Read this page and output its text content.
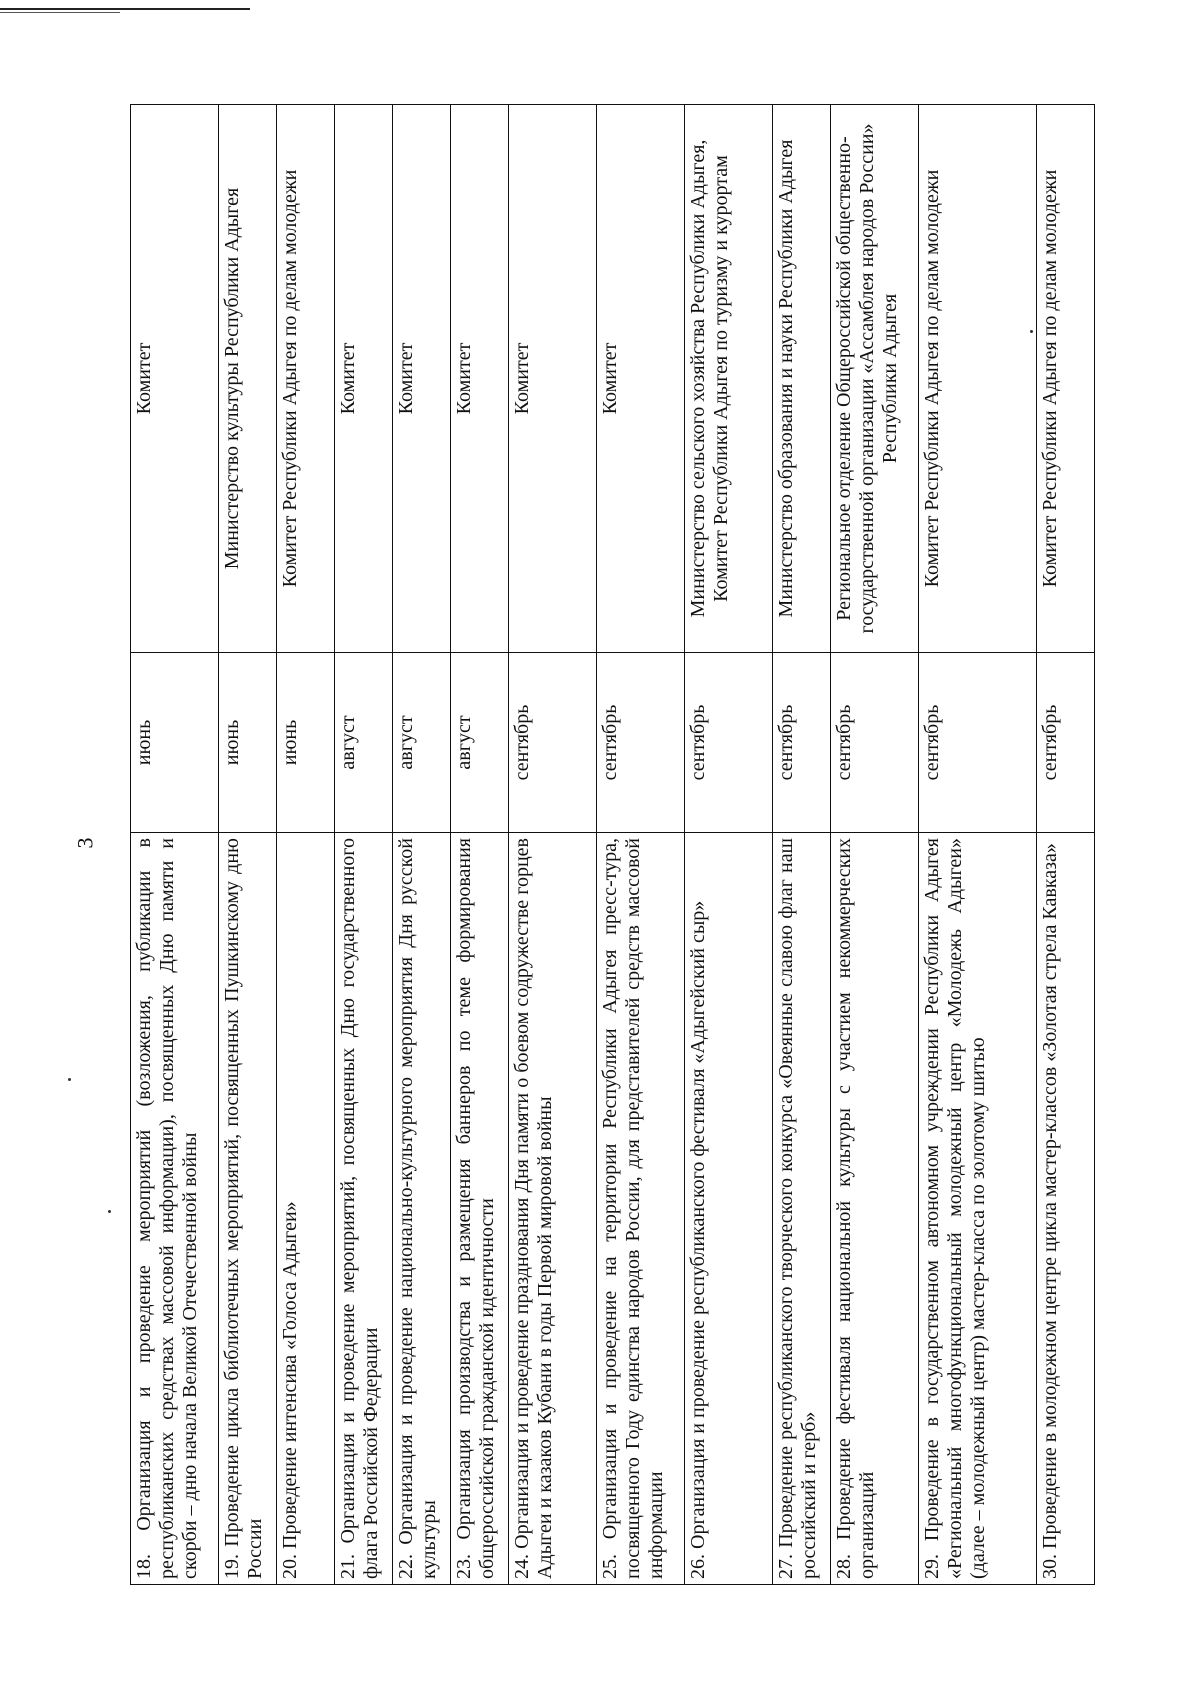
3 18. Организация и проведение мероприятий (возложения, публикации в республиканских средствах массовой информации), посвященных Дню памяти и скорби – дню начала Великой Отечественной войны	июнь	Комитет
19. Проведение цикла библиотечных мероприятий, посвященных Пушкинскому дню России	июнь	Министерство культуры Республики Адыгея
20. Проведение интенсива «Голоса Адыгеи»	июнь	Комитет Республики Адыгея по делам молодежи
21. Организация и проведение мероприятий, посвященных Дню государственного флага Российской Федерации	август	Комитет
22. Организация и проведение национально-культурного мероприятия Дня русской культуры	август	Комитет
23. Организация производства и размещения баннеров по теме формирования общероссийской гражданской идентичности	август	Комитет
24. Организация и проведение празднования Дня памяти о боевом содружестве горцев Адыгеи и казаков Кубани в годы Первой мировой войны	сентябрь	Комитет
25. Организация и проведение на территории Республики Адыгея пресс-тура, посвященного Году единства народов России, для представителей средств массовой информации	сентябрь	Комитет
26. Организация и проведение республиканского фестиваля «Адыгейский сыр»	сентябрь	Министерство сельского хозяйства Республики Адыгея, Комитет Республики Адыгея по туризму и курортам
27. Проведение республиканского творческого конкурса «Овеянные славою флаг наш российский и герб»	сентябрь	Министерство образования и науки Республики Адыгея
28. Проведение фестиваля национальной культуры с участием некоммерческих организаций	сентябрь	Региональное отделение Общероссийской общественно-государственной организации «Ассамблея народов России» Республики Адыгея
29. Проведение в государственном автономном учреждении Республики Адыгея «Региональный многофункциональный молодежный центр «Молодежь Адыгеи» (далее – молодежный центр) мастер-класса по золотому шитью	сентябрь	Комитет Республики Адыгея по делам молодежи
30. Проведение в молодежном центре цикла мастер-классов «Золотая стрела Кавказа»	сентябрь	Комитет Республики Адыгея по делам молодежи
